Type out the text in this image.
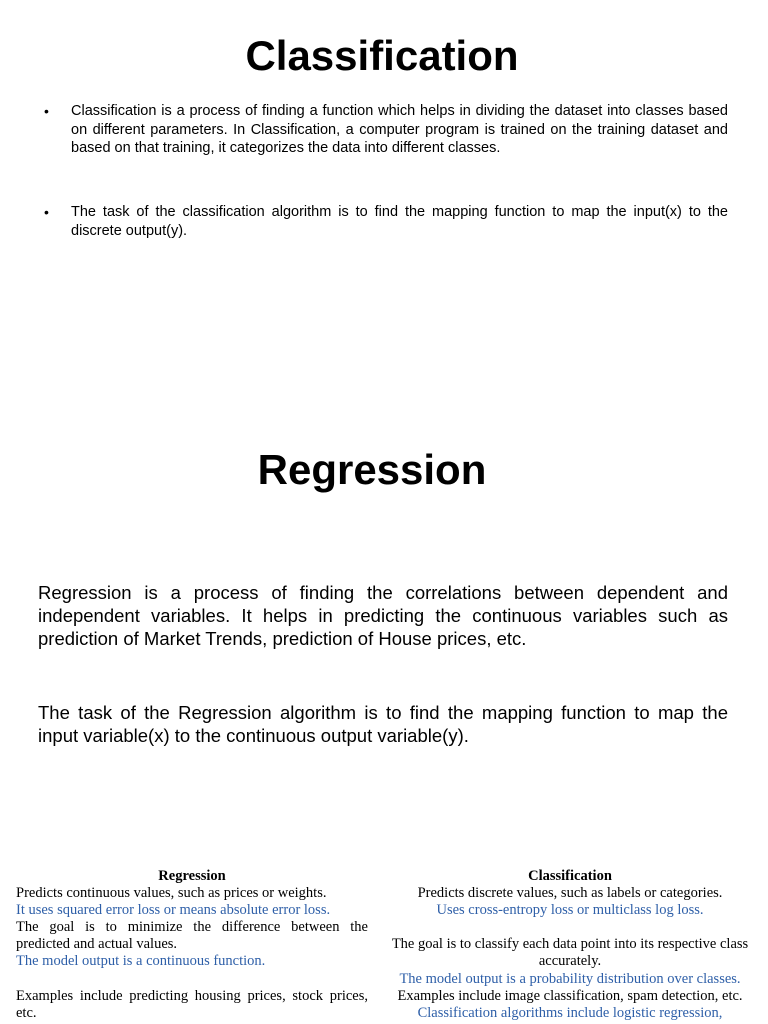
Classification
• Classification is a process of finding a function which helps in dividing the dataset into classes based on different parameters. In Classification, a computer program is trained on the training dataset and based on that training, it categorizes the data into different classes.
• The task of the classification algorithm is to find the mapping function to map the input(x) to the discrete output(y).
Regression

Regression is a process of finding the correlations between dependent and independent variables. It helps in predicting the continuous variables such as prediction of Market Trends, prediction of House prices, etc.

The task of the Regression algorithm is to find the mapping function to map the input variable(x) to the continuous output variable(y).

Regression

Predicts continuous values, such as prices or weights.

It uses squared error loss or means absolute error loss.

The goal is to minimize the difference between the predicted and actual values.

The model output is a continuous function.

Examples include predicting housing prices, stock prices, etc.

Classification

Predicts discrete values, such as labels or categories.

Uses cross-entropy loss or multiclass log loss.

The goal is to classify each data point into its respective class accurately.

The model output is a probability distribution over classes.

Examples include image classification, spam detection, etc.

Classification algorithms include logistic regression,
